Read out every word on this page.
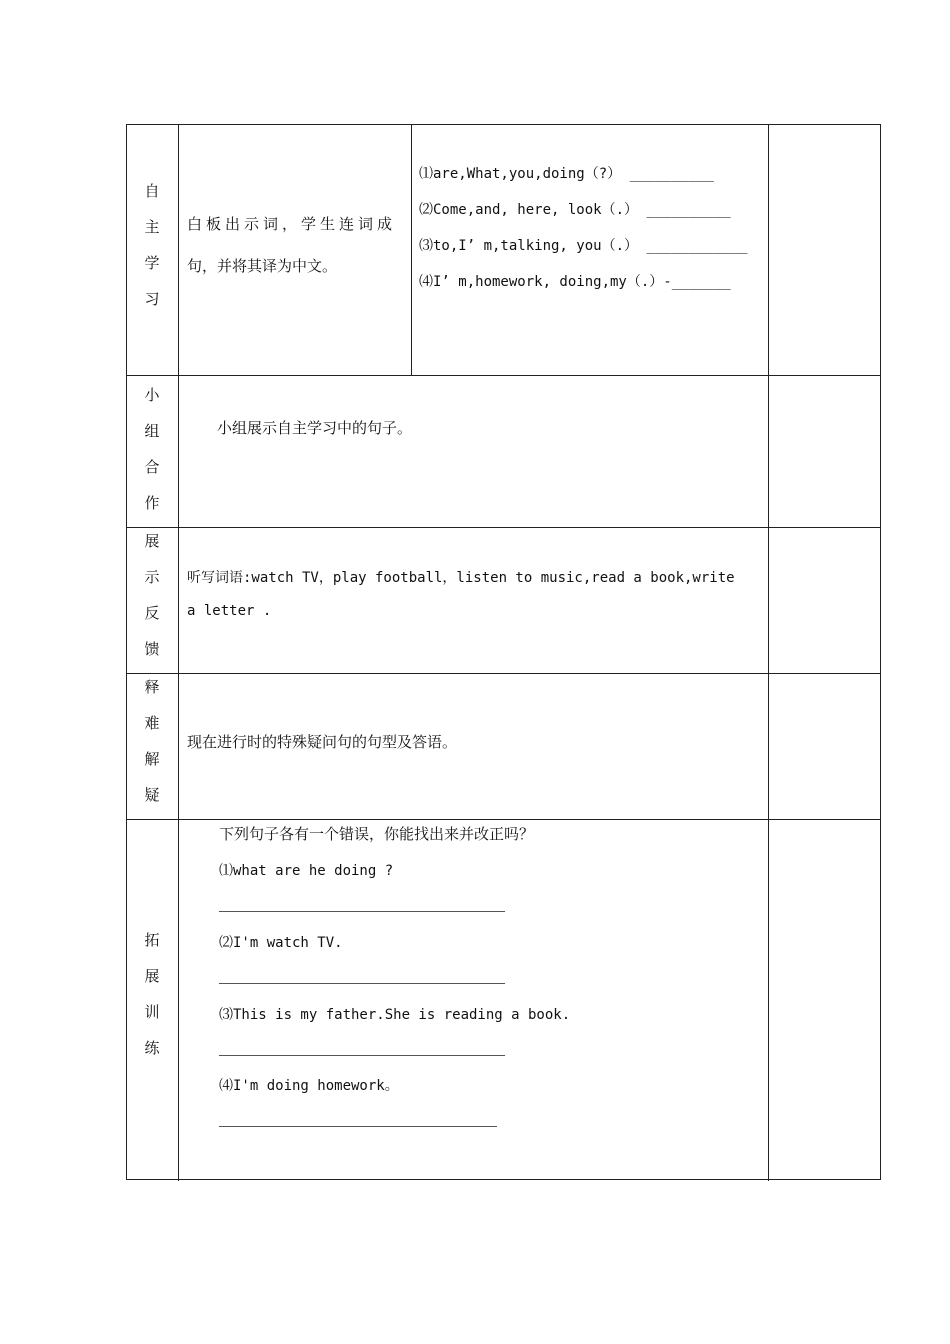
自
主
学
习
白板出示词，学生连词成
句，并将其译为中文。
⑴are,What,you,doing（?） __________
⑵Come,and, here, look（.） __________
⑶to,I’ m,talking, you（.） ____________
⑷I’ m,homework, doing,my（.）-_______
小
组
合
作
小组展示自主学习中的句子。
展
示
反
馈
听写词语:watch TV，play football，listen to music,read a book,write
a letter .
释
难
解
疑
现在进行时的特殊疑问句的句型及答语。
拓
展
训
练
下列句子各有一个错误，你能找出来并改正吗？
⑴what are he doing ?
⑵I'm watch TV.
⑶This is my father.She is reading a book.
⑷I'm doing homework。
